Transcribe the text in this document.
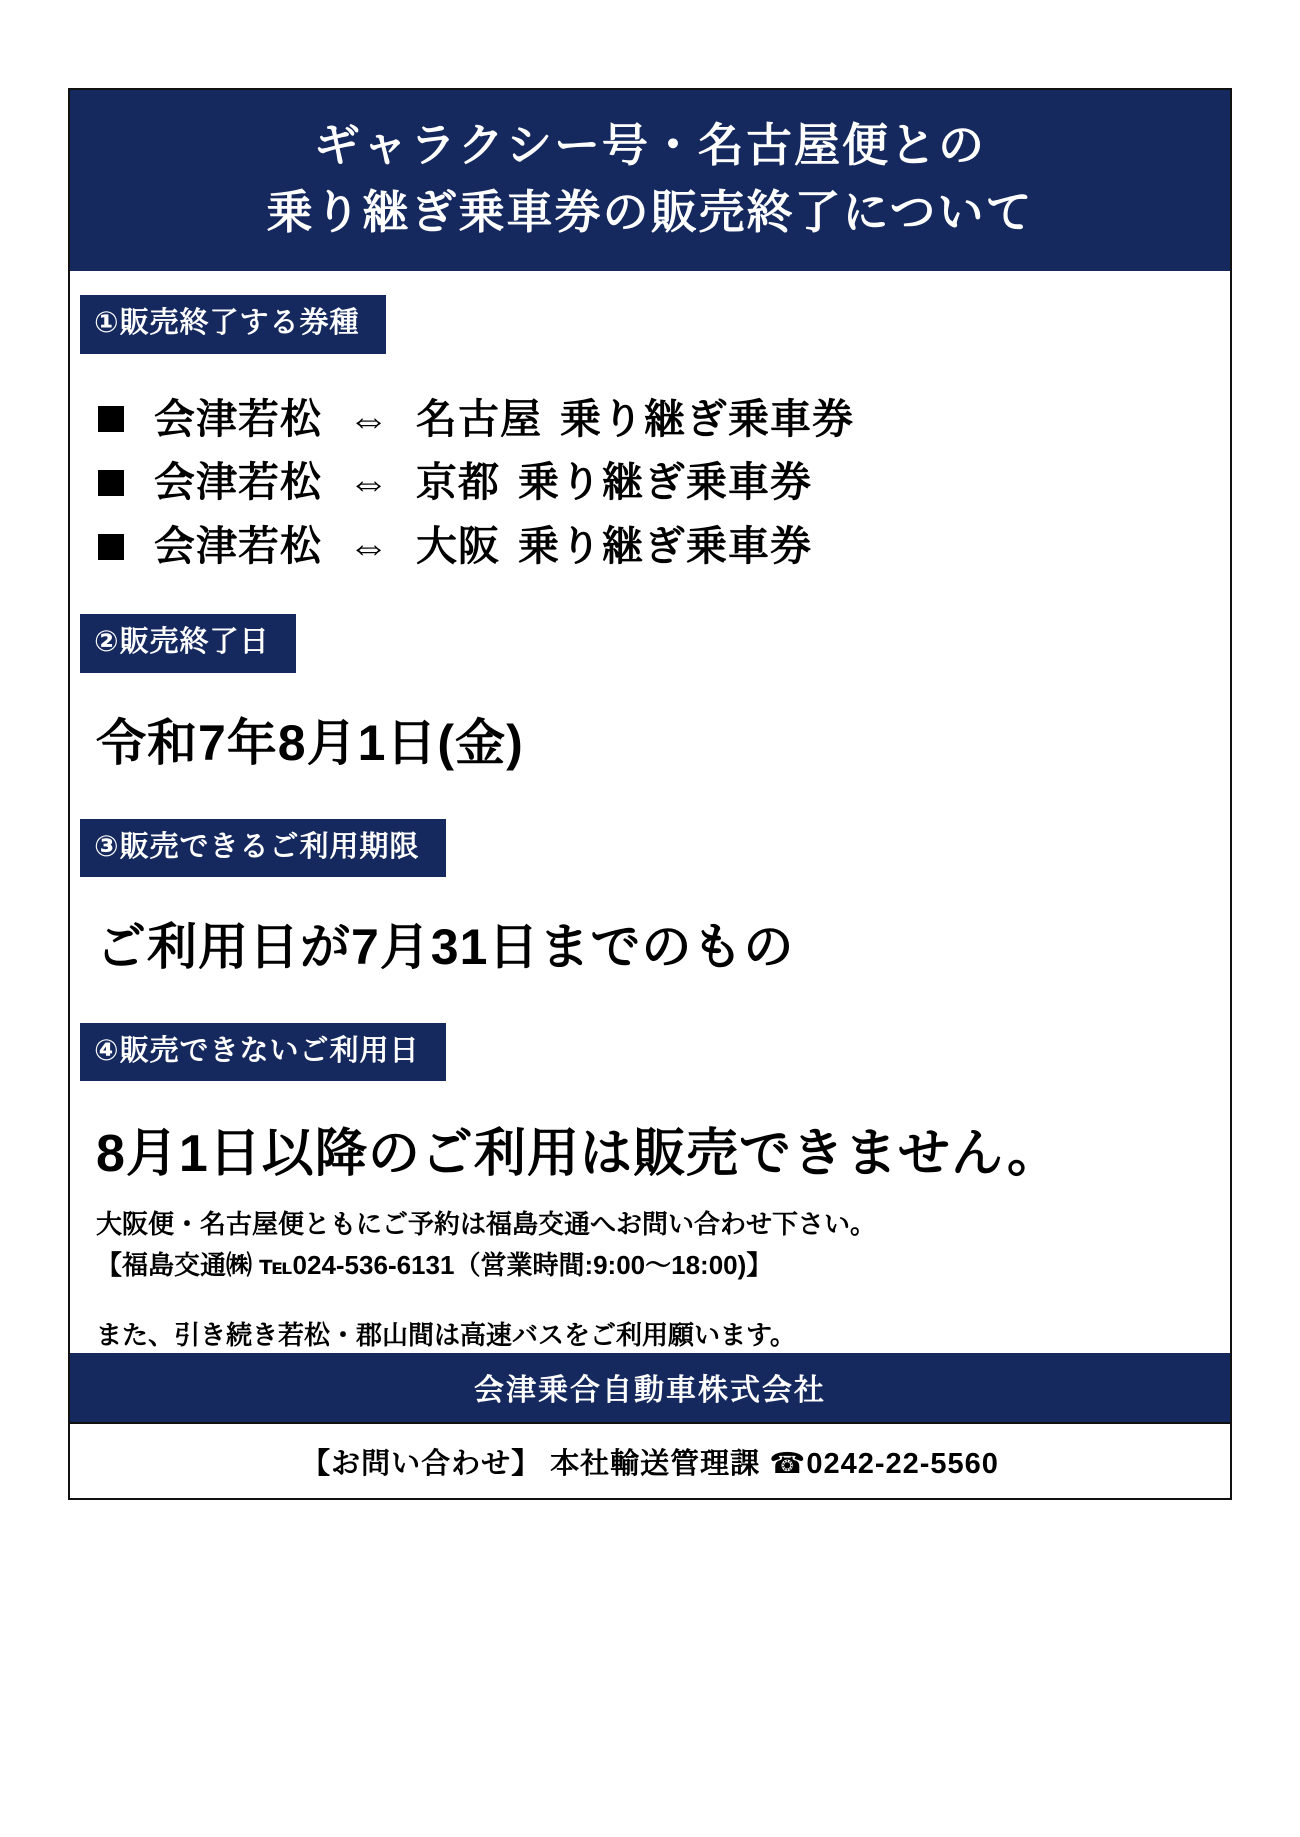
ギャラクシー号・名古屋便との
乗り継ぎ乗車券の販売終了について
①販売終了する券種
会津若松 ⇔ 名古屋 乗り継ぎ乗車券
会津若松 ⇔ 京都 乗り継ぎ乗車券
会津若松 ⇔ 大阪 乗り継ぎ乗車券
②販売終了日
令和7年8月1日(金)
③販売できるご利用期限
ご利用日が7月31日までのもの
④販売できないご利用日
8月1日以降のご利用は販売できません。
大阪便・名古屋便ともにご予約は福島交通へお問い合わせ下さい。
【福島交通㈱ ℡024-536-6131（営業時間:9:00〜18:00)】
また、引き続き若松・郡山間は高速バスをご利用願います。
会津乗合自動車株式会社
【お問い合わせ】 本社輸送管理課 ☎0242-22-5560
